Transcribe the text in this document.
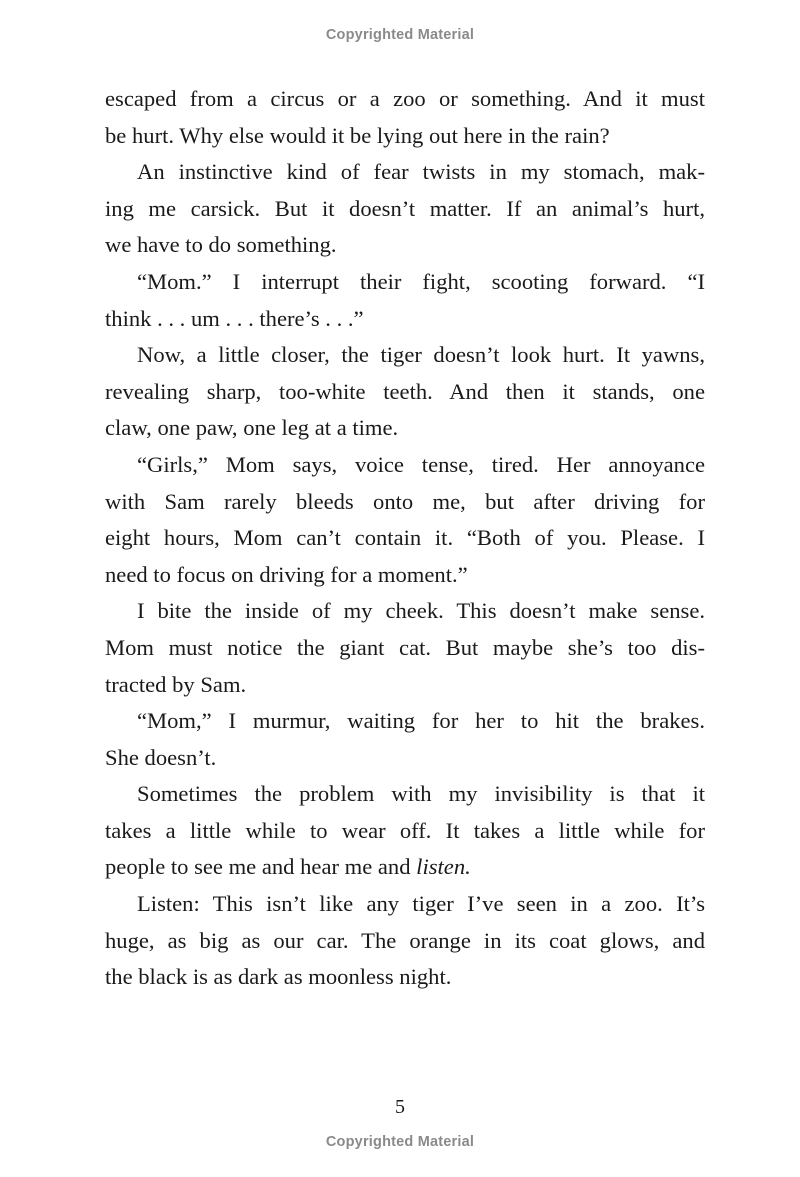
Copyrighted Material
escaped from a circus or a zoo or something. And it must
be hurt. Why else would it be lying out here in the rain?
An instinctive kind of fear twists in my stomach, mak-
ing me carsick. But it doesn’t matter. If an animal’s hurt,
we have to do something.
“Mom.” I interrupt their fight, scooting forward. “I
think . . . um . . . there’s . . .”
Now, a little closer, the tiger doesn’t look hurt. It yawns,
revealing sharp, too-white teeth. And then it stands, one
claw, one paw, one leg at a time.
“Girls,” Mom says, voice tense, tired. Her annoyance
with Sam rarely bleeds onto me, but after driving for
eight hours, Mom can’t contain it. “Both of you. Please. I
need to focus on driving for a moment.”
I bite the inside of my cheek. This doesn’t make sense.
Mom must notice the giant cat. But maybe she’s too dis-
tracted by Sam.
“Mom,” I murmur, waiting for her to hit the brakes.
She doesn’t.
Sometimes the problem with my invisibility is that it
takes a little while to wear off. It takes a little while for
people to see me and hear me and listen.
Listen: This isn’t like any tiger I’ve seen in a zoo. It’s
huge, as big as our car. The orange in its coat glows, and
the black is as dark as moonless night.
5
Copyrighted Material
